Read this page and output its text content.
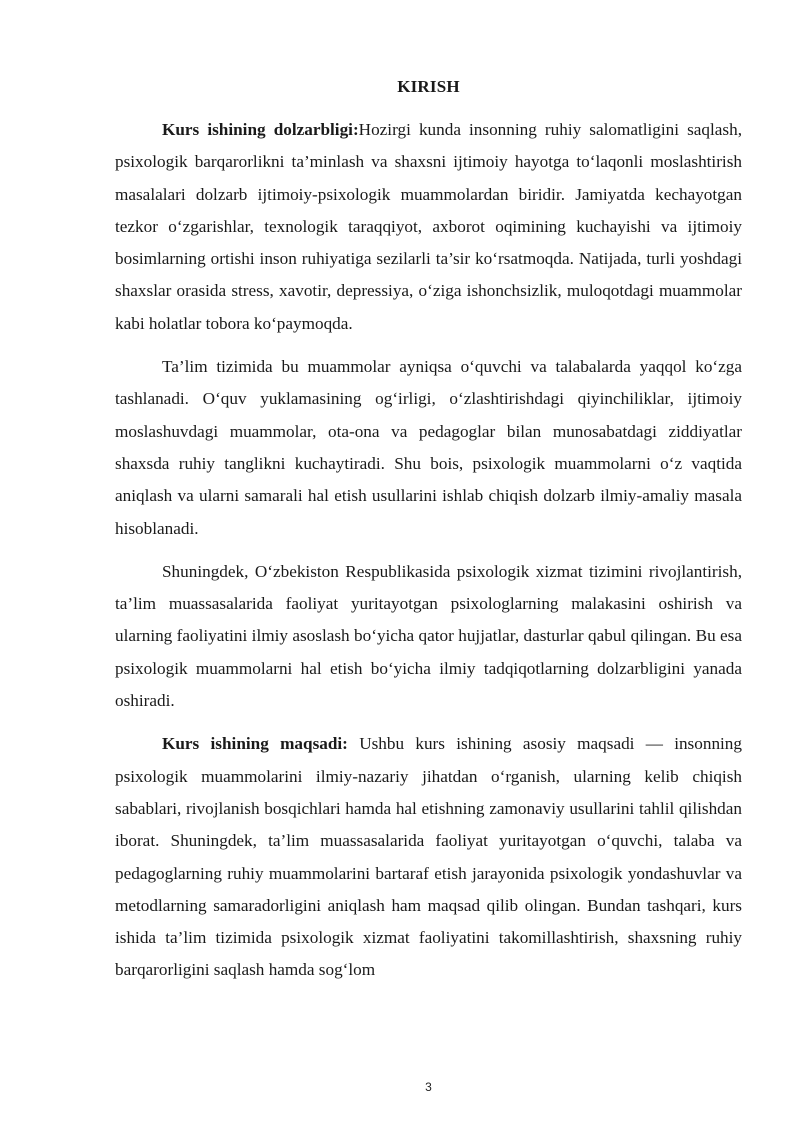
KIRISH

Kurs ishining dolzarbligi:Hozirgi kunda insonning ruhiy salomatligini saqlash, psixologik barqarorlikni ta’minlash va shaxsni ijtimoiy hayotga to‘laqonli moslashtirish masalalari dolzarb ijtimoiy-psixologik muammolardan biridir. Jamiyatda kechayotgan tezkor o‘zgarishlar, texnologik taraqqiyot, axborot oqimining kuchayishi va ijtimoiy bosimlarning ortishi inson ruhiyatiga sezilarli ta’sir ko‘rsatmoqda. Natijada, turli yoshdagi shaxslar orasida stress, xavotir, depressiya, o‘ziga ishonchsizlik, muloqotdagi muammolar kabi holatlar tobora ko‘paymoqda.

Ta’lim tizimida bu muammolar ayniqsa o‘quvchi va talabalarda yaqqol ko‘zga tashlanadi. O‘quv yuklamasining og‘irligi, o‘zlashtirishdagi qiyinchiliklar, ijtimoiy moslashuvdagi muammolar, ota-ona va pedagoglar bilan munosabatdagi ziddiyatlar shaxsda ruhiy tanglikni kuchaytiradi. Shu bois, psixologik muammolarni o‘z vaqtida aniqlash va ularni samarali hal etish usullarini ishlab chiqish dolzarb ilmiy-amaliy masala hisoblanadi.

Shuningdek, O‘zbekiston Respublikasida psixologik xizmat tizimini rivojlantirish, ta’lim muassasalarida faoliyat yuritayotgan psixologlarning malakasini oshirish va ularning faoliyatini ilmiy asoslash bo‘yicha qator hujjatlar, dasturlar qabul qilingan. Bu esa psixologik muammolarni hal etish bo‘yicha ilmiy tadqiqotlarning dolzarbligini yanada oshiradi.

Kurs ishining maqsadi: Ushbu kurs ishining asosiy maqsadi — insonning psixologik muammolarini ilmiy-nazariy jihatdan o‘rganish, ularning kelib chiqish sabablari, rivojlanish bosqichlari hamda hal etishning zamonaviy usullarini tahlil qilishdan iborat. Shuningdek, ta’lim muassasalarida faoliyat yuritayotgan o‘quvchi, talaba va pedagoglarning ruhiy muammolarini bartaraf etish jarayonida psixologik yondashuvlar va metodlarning samaradorligini aniqlash ham maqsad qilib olingan. Bundan tashqari, kurs ishida ta’lim tizimida psixologik xizmat faoliyatini takomillashtirish, shaxsning ruhiy barqarorligini saqlash hamda sog‘lom

3
